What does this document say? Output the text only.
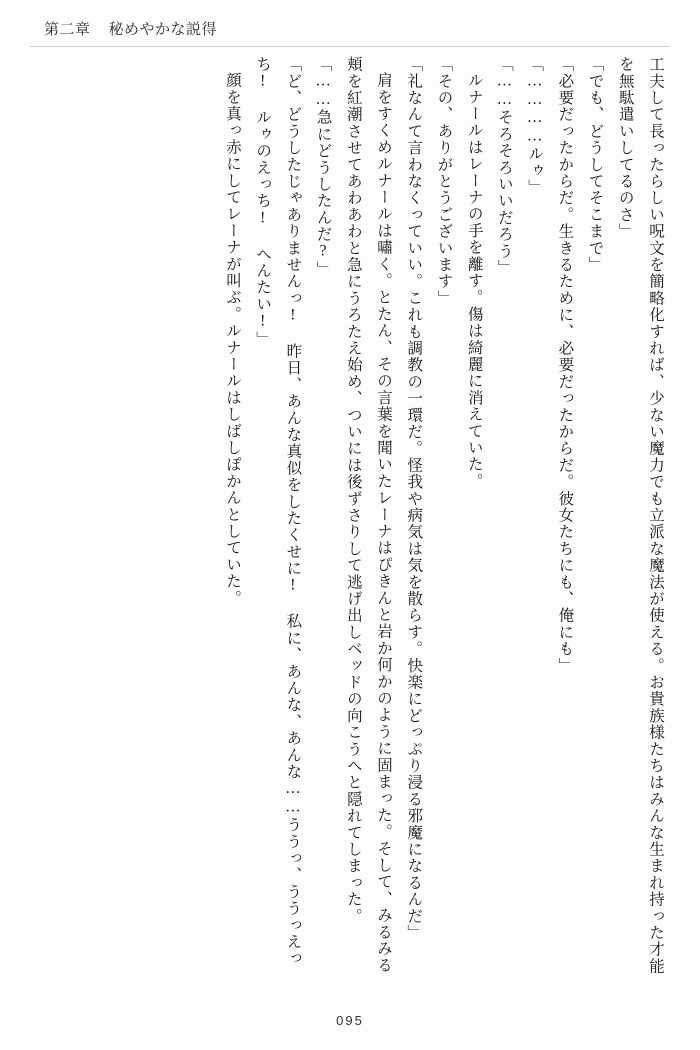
第二章 秘めやかな説得

工夫して長ったらしい呪文を簡略化すれば、少ない魔力でも立派な魔法が使える。お貴族様たちはみんな生まれ持った才能を無駄遣いしてるのさ」

「でも、どうしてそこまで」

「必要だったからだ。生きるために、必要だったからだ。彼女たちにも、俺にも」

「…………ルゥ」

「……そろそろいいだろう」

ルナールはレーナの手を離す。傷は綺麗に消えていた。

「その、ありがとうございます」

「礼なんて言わなくっていい。これも調教の一環だ。怪我や病気は気を散らす。快楽にどっぷり浸る邪魔になるんだ」

肩をすくめルナールは嘯く。とたん、その言葉を聞いたレーナはぴきんと岩か何かのように固まった。そして、みるみる頬を紅潮させてあわあわと急にうろたえ始め、ついには後ずさりして逃げ出しベッドの向こうへと隠れてしまった。

「……急にどうしたんだ?」

「ど、どうしたじゃありませんっ! 昨日、あんな真似をしたくせに! 私に、あんな、あんな……ううっ、ううっえっち! ルゥのえっち! へんたい!」

顔を真っ赤にしてレーナが叫ぶ。ルナールはしばしぽかんとしていた。

095
